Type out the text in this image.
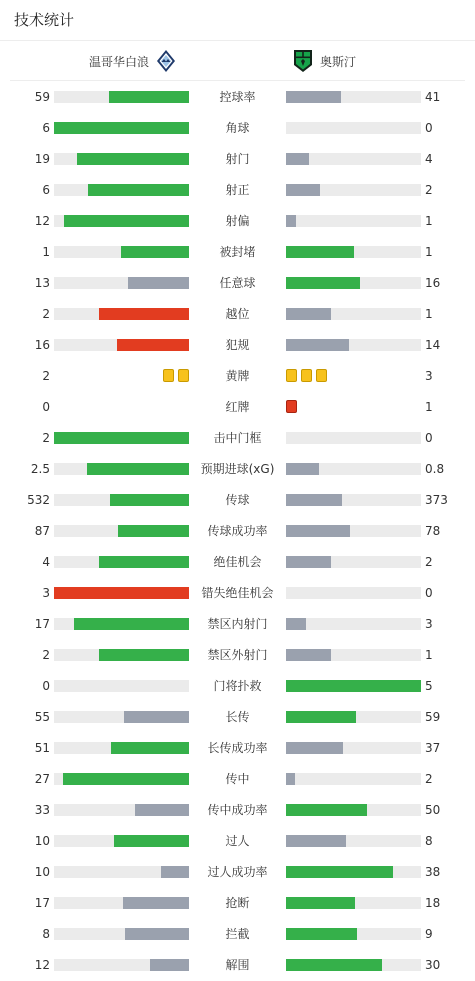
技术统计
温哥华白浪	奥斯汀
59	控球率	41
6	角球	0
19	射门	4
6	射正	2
12	射偏	1
1	被封堵	1
13	任意球	16
2	越位	1
16	犯规	14
2	黄牌	3
0	红牌	1
2	击中门框	0
2.5	预期进球(xG)	0.8
532	传球	373
87	传球成功率	78
4	绝佳机会	2
3	错失绝佳机会	0
17	禁区内射门	3
2	禁区外射门	1
0	门将扑救	5
55	长传	59
51	长传成功率	37
27	传中	2
33	传中成功率	50
10	过人	8
10	过人成功率	38
17	抢断	18
8	拦截	9
12	解围	30
